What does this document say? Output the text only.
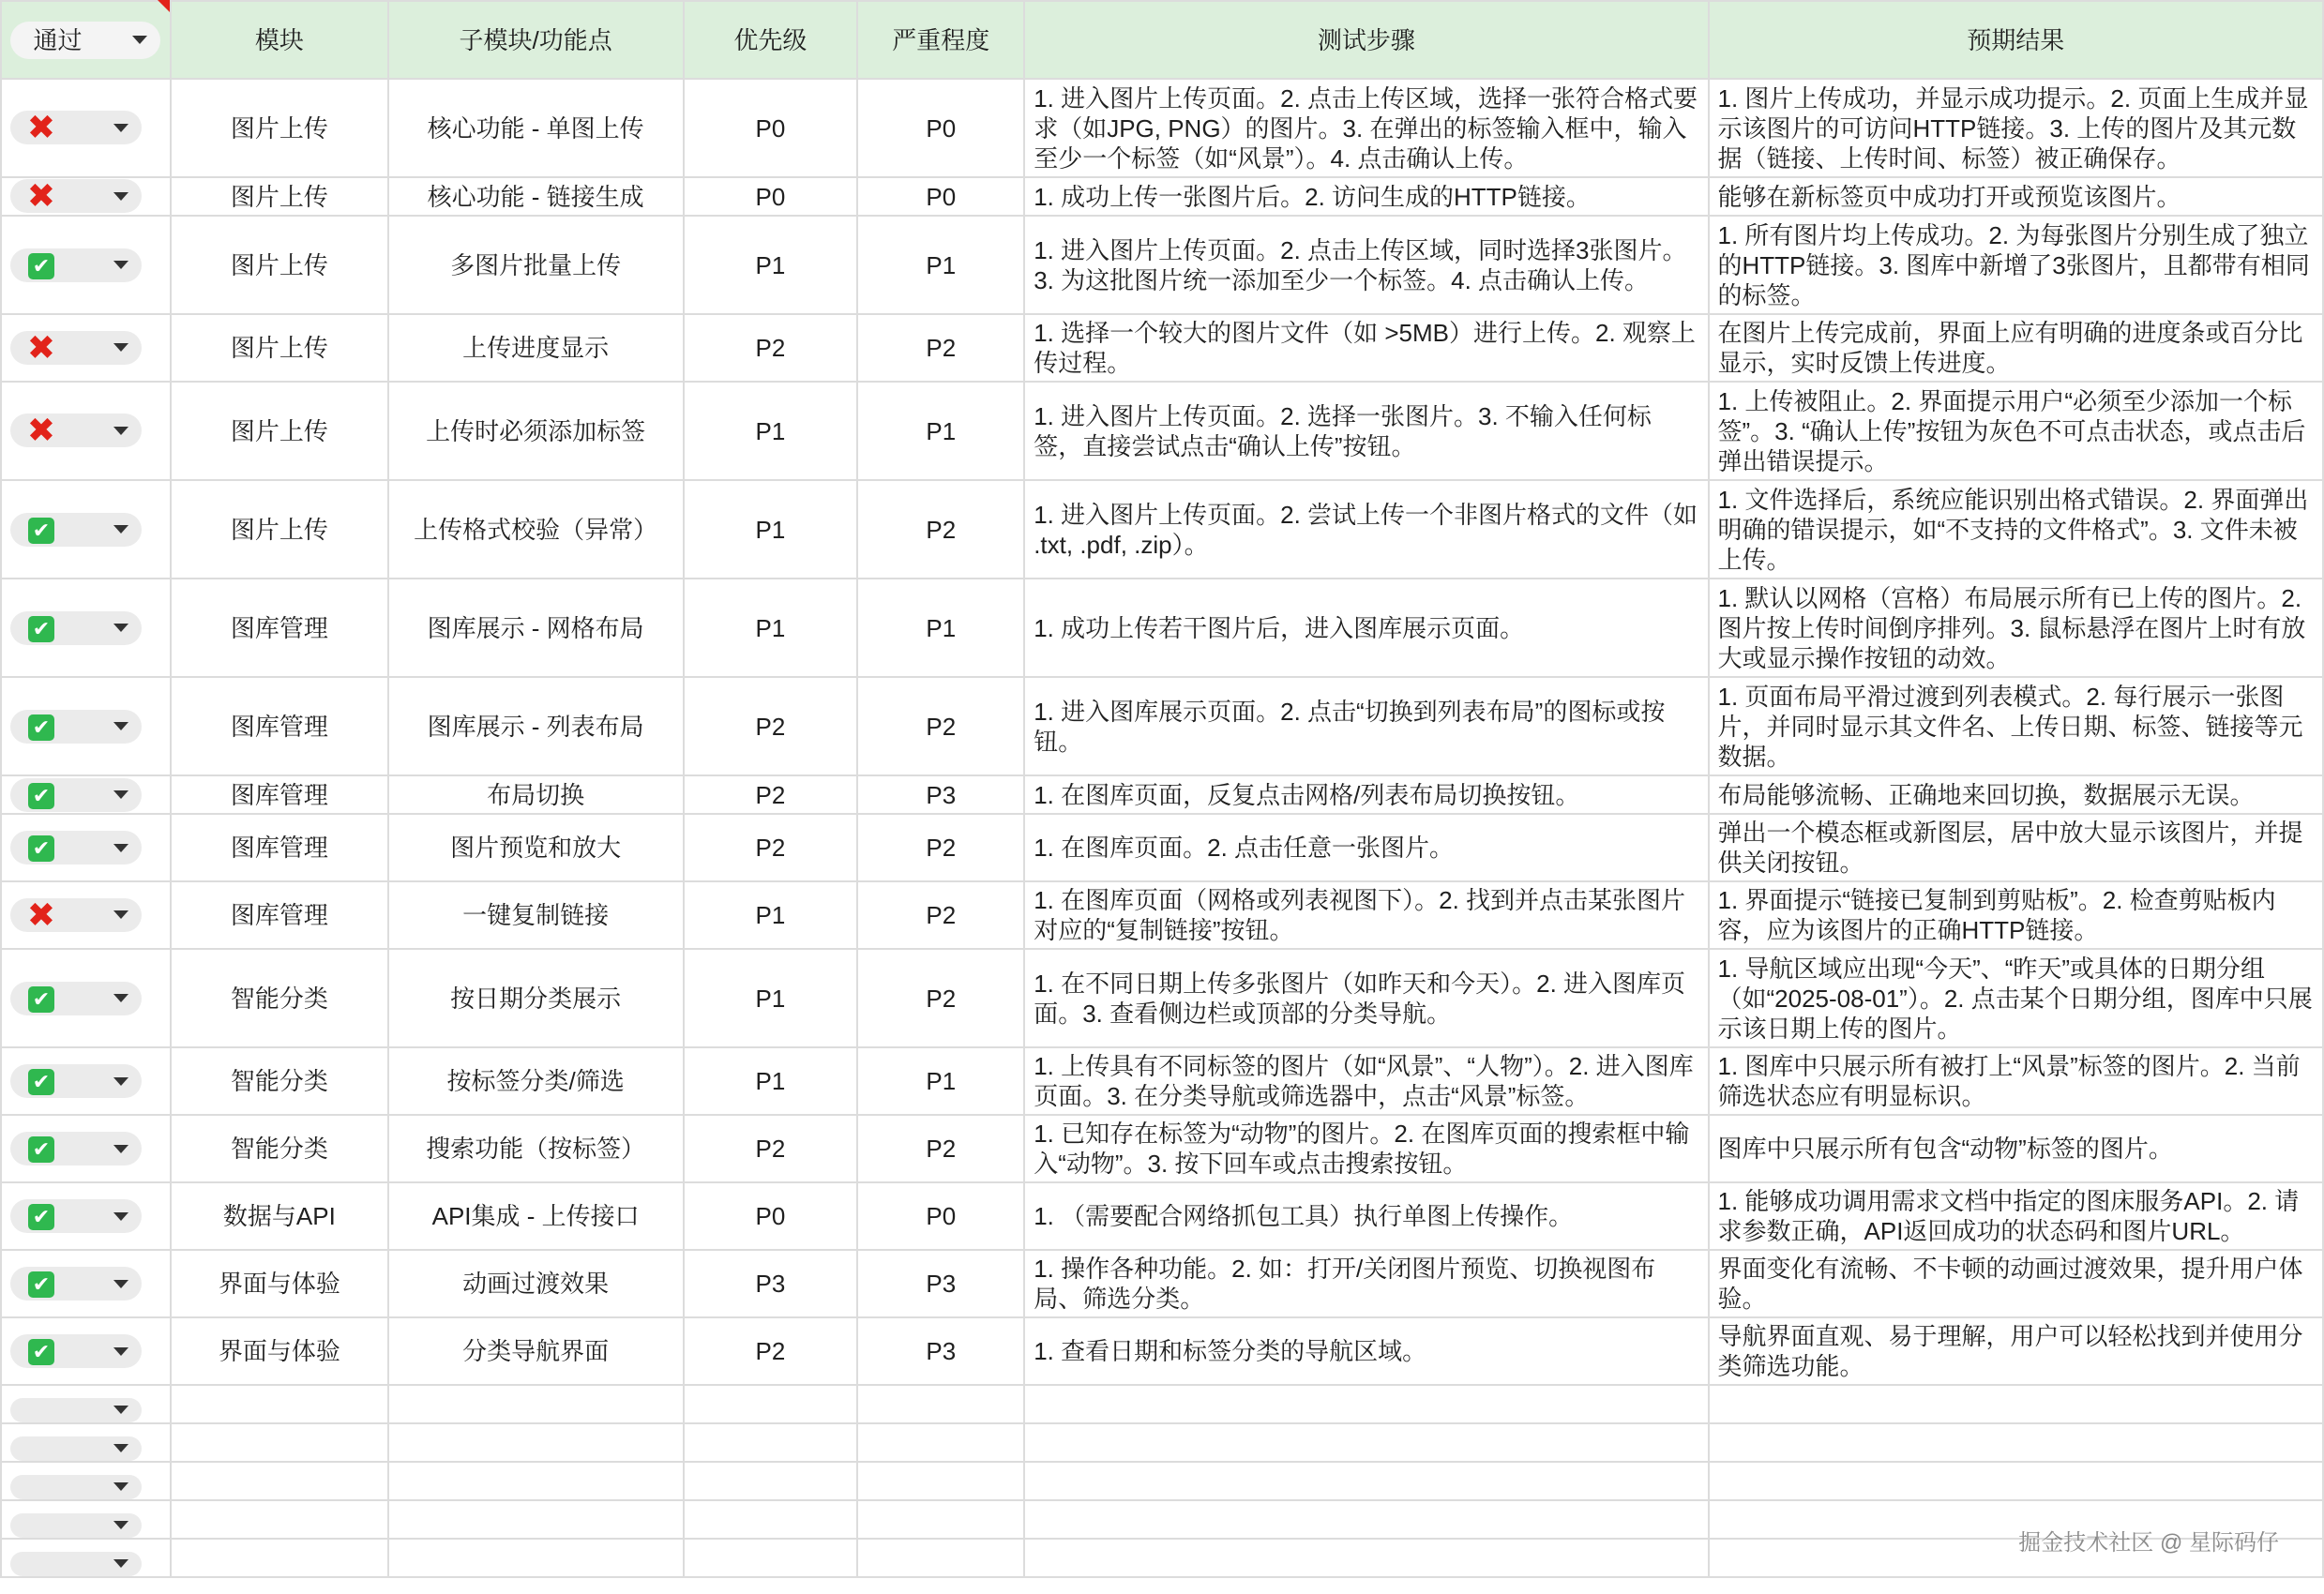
通过	模块	子模块/功能点	优先级	严重程度	测试步骤	预期结果

✖	图片上传	核心功能 - 单图上传	P0	P0	1. 进入图片上传页面。2. 点击上传区域，选择一张符合格式要求（如JPG, PNG）的图片。3. 在弹出的标签输入框中，输入至少一个标签（如“风景”）。4. 点击确认上传。	1. 图片上传成功，并显示成功提示。2. 页面上生成并显示该图片的可访问HTTP链接。3. 上传的图片及其元数据（链接、上传时间、标签）被正确保存。

✖	图片上传	核心功能 - 链接生成	P0	P0	1. 成功上传一张图片后。2. 访问生成的HTTP链接。	能够在新标签页中成功打开或预览该图片。

✔	图片上传	多图片批量上传	P1	P1	1. 进入图片上传页面。2. 点击上传区域，同时选择3张图片。3. 为这批图片统一添加至少一个标签。4. 点击确认上传。	1. 所有图片均上传成功。2. 为每张图片分别生成了独立的HTTP链接。3. 图库中新增了3张图片，且都带有相同的标签。

✖	图片上传	上传进度显示	P2	P2	1. 选择一个较大的图片文件（如 >5MB）进行上传。2. 观察上传过程。	在图片上传完成前，界面上应有明确的进度条或百分比显示，实时反馈上传进度。

✖	图片上传	上传时必须添加标签	P1	P1	1. 进入图片上传页面。2. 选择一张图片。3. 不输入任何标签，直接尝试点击“确认上传”按钮。	1. 上传被阻止。2. 界面提示用户“必须至少添加一个标签”。3. “确认上传”按钮为灰色不可点击状态，或点击后弹出错误提示。

✔	图片上传	上传格式校验（异常）	P1	P2	1. 进入图片上传页面。2. 尝试上传一个非图片格式的文件（如 .txt, .pdf, .zip）。	1. 文件选择后，系统应能识别出格式错误。2. 界面弹出明确的错误提示，如“不支持的文件格式”。3. 文件未被上传。

✔	图库管理	图库展示 - 网格布局	P1	P1	1. 成功上传若干图片后，进入图库展示页面。	1. 默认以网格（宫格）布局展示所有已上传的图片。2. 图片按上传时间倒序排列。3. 鼠标悬浮在图片上时有放大或显示操作按钮的动效。

✔	图库管理	图库展示 - 列表布局	P2	P2	1. 进入图库展示页面。2. 点击“切换到列表布局”的图标或按钮。	1. 页面布局平滑过渡到列表模式。2. 每行展示一张图片，并同时显示其文件名、上传日期、标签、链接等元数据。

✔	图库管理	布局切换	P2	P3	1. 在图库页面，反复点击网格/列表布局切换按钮。	布局能够流畅、正确地来回切换，数据展示无误。

✔	图库管理	图片预览和放大	P2	P2	1. 在图库页面。2. 点击任意一张图片。	弹出一个模态框或新图层，居中放大显示该图片，并提供关闭按钮。

✖	图库管理	一键复制链接	P1	P2	1. 在图库页面（网格或列表视图下）。2. 找到并点击某张图片对应的“复制链接”按钮。	1. 界面提示“链接已复制到剪贴板”。2. 检查剪贴板内容，应为该图片的正确HTTP链接。

✔	智能分类	按日期分类展示	P1	P2	1. 在不同日期上传多张图片（如昨天和今天）。2. 进入图库页面。3. 查看侧边栏或顶部的分类导航。	1. 导航区域应出现“今天”、“昨天”或具体的日期分组（如“2025-08-01”）。2. 点击某个日期分组，图库中只展示该日期上传的图片。

✔	智能分类	按标签分类/筛选	P1	P1	1. 上传具有不同标签的图片（如“风景”、“人物”）。2. 进入图库页面。3. 在分类导航或筛选器中，点击“风景”标签。	1. 图库中只展示所有被打上“风景”标签的图片。2. 当前筛选状态应有明显标识。

✔	智能分类	搜索功能（按标签）	P2	P2	1. 已知存在标签为“动物”的图片。2. 在图库页面的搜索框中输入“动物”。3. 按下回车或点击搜索按钮。	图库中只展示所有包含“动物”标签的图片。

✔	数据与API	API集成 - 上传接口	P0	P0	1. （需要配合网络抓包工具）执行单图上传操作。	1. 能够成功调用需求文档中指定的图床服务API。2. 请求参数正确，API返回成功的状态码和图片URL。

✔	界面与体验	动画过渡效果	P3	P3	1. 操作各种功能。2. 如：打开/关闭图片预览、切换视图布局、筛选分类。	界面变化有流畅、不卡顿的动画过渡效果，提升用户体验。

✔	界面与体验	分类导航界面	P2	P3	1. 查看日期和标签分类的导航区域。	导航界面直观、易于理解，用户可以轻松找到并使用分类筛选功能。

掘金技术社区 @ 星际码仔
